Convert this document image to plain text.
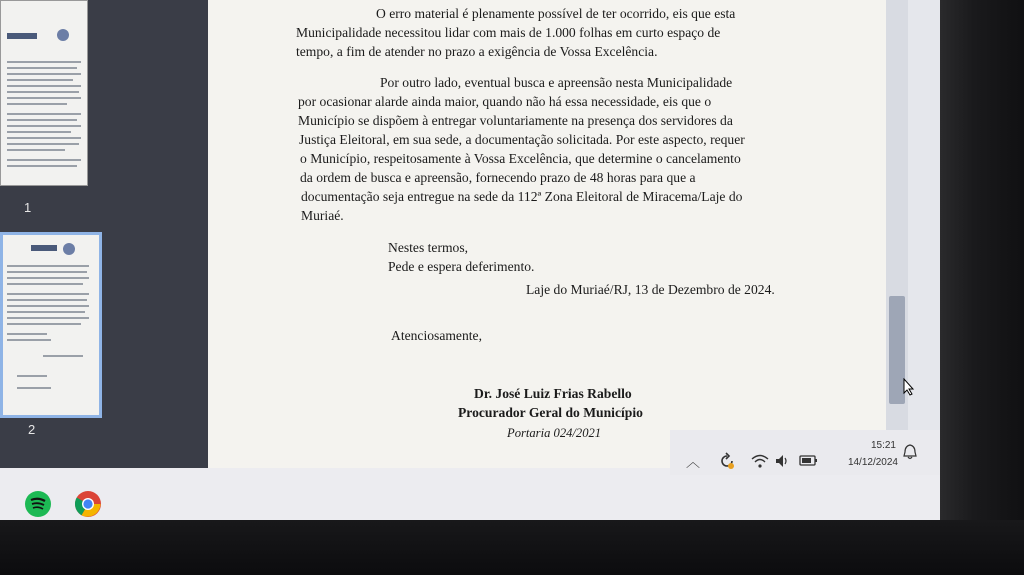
1
2
O erro material é plenamente possível de ter ocorrido, eis que esta
Municipalidade necessitou lidar com mais de 1.000 folhas em curto espaço de
tempo, a fim de atender no prazo a exigência de Vossa Excelência.
Por outro lado, eventual busca e apreensão nesta Municipalidade
por ocasionar alarde ainda maior, quando não há essa necessidade, eis que o
Município se dispõem à entregar voluntariamente na presença dos servidores da
Justiça Eleitoral, em sua sede, a documentação solicitada. Por este aspecto, requer
o Município, respeitosamente à Vossa Excelência, que determine o cancelamento
da ordem de busca e apreensão, fornecendo prazo de 48 horas para que a
documentação seja entregue na sede da 112ª Zona Eleitoral de Miracema/Laje do
Muriaé.
Nestes termos,
Pede e espera deferimento.
Laje do Muriaé/RJ, 13 de Dezembro de 2024.
Atenciosamente,
Dr. José Luiz Frias Rabello
Procurador Geral do Município
Portaria 024/2021
︿
15:21
14/12/2024
